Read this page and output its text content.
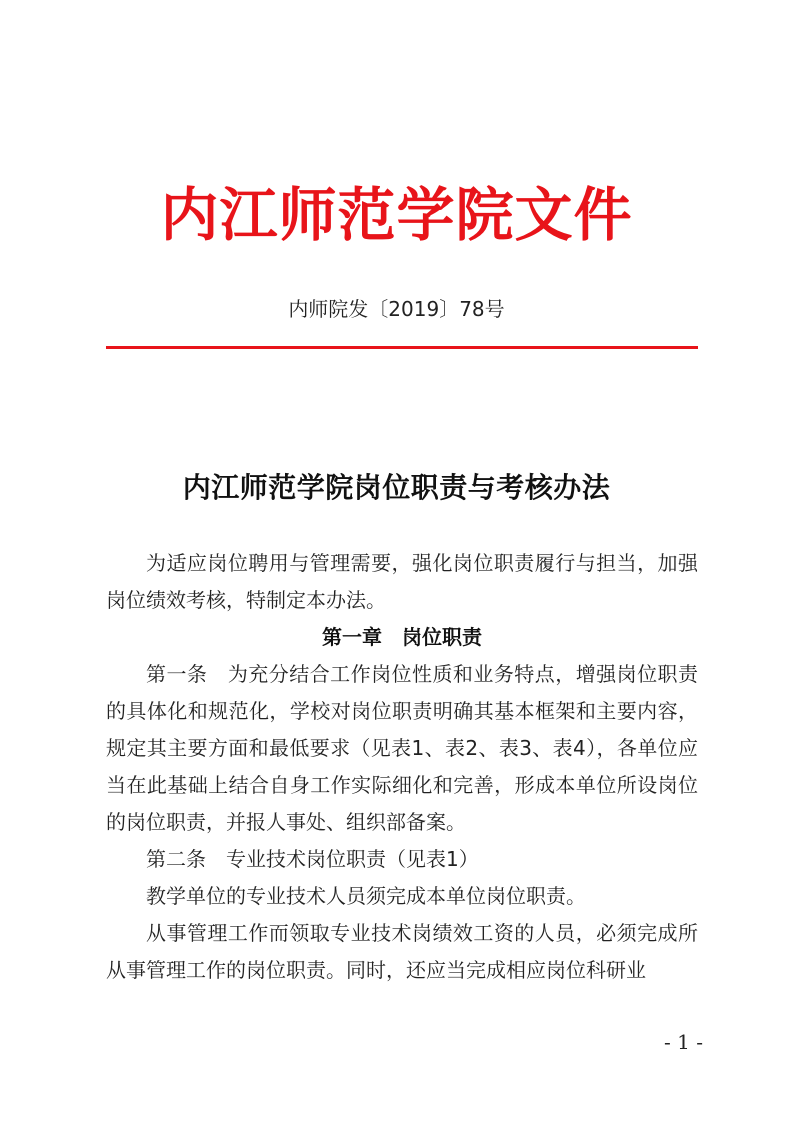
内江师范学院文件
内师院发〔2019〕78号
内江师范学院岗位职责与考核办法

为适应岗位聘用与管理需要，强化岗位职责履行与担当，加强岗位绩效考核，特制定本办法。

第一章　岗位职责

第一条　为充分结合工作岗位性质和业务特点，增强岗位职责的具体化和规范化，学校对岗位职责明确其基本框架和主要内容，规定其主要方面和最低要求（见表1、表2、表3、表4），各单位应当在此基础上结合自身工作实际细化和完善，形成本单位所设岗位的岗位职责，并报人事处、组织部备案。

第二条　专业技术岗位职责（见表1）

教学单位的专业技术人员须完成本单位岗位职责。

从事管理工作而领取专业技术岗绩效工资的人员，必须完成所从事管理工作的岗位职责。同时，还应当完成相应岗位科研业

- 1 -
